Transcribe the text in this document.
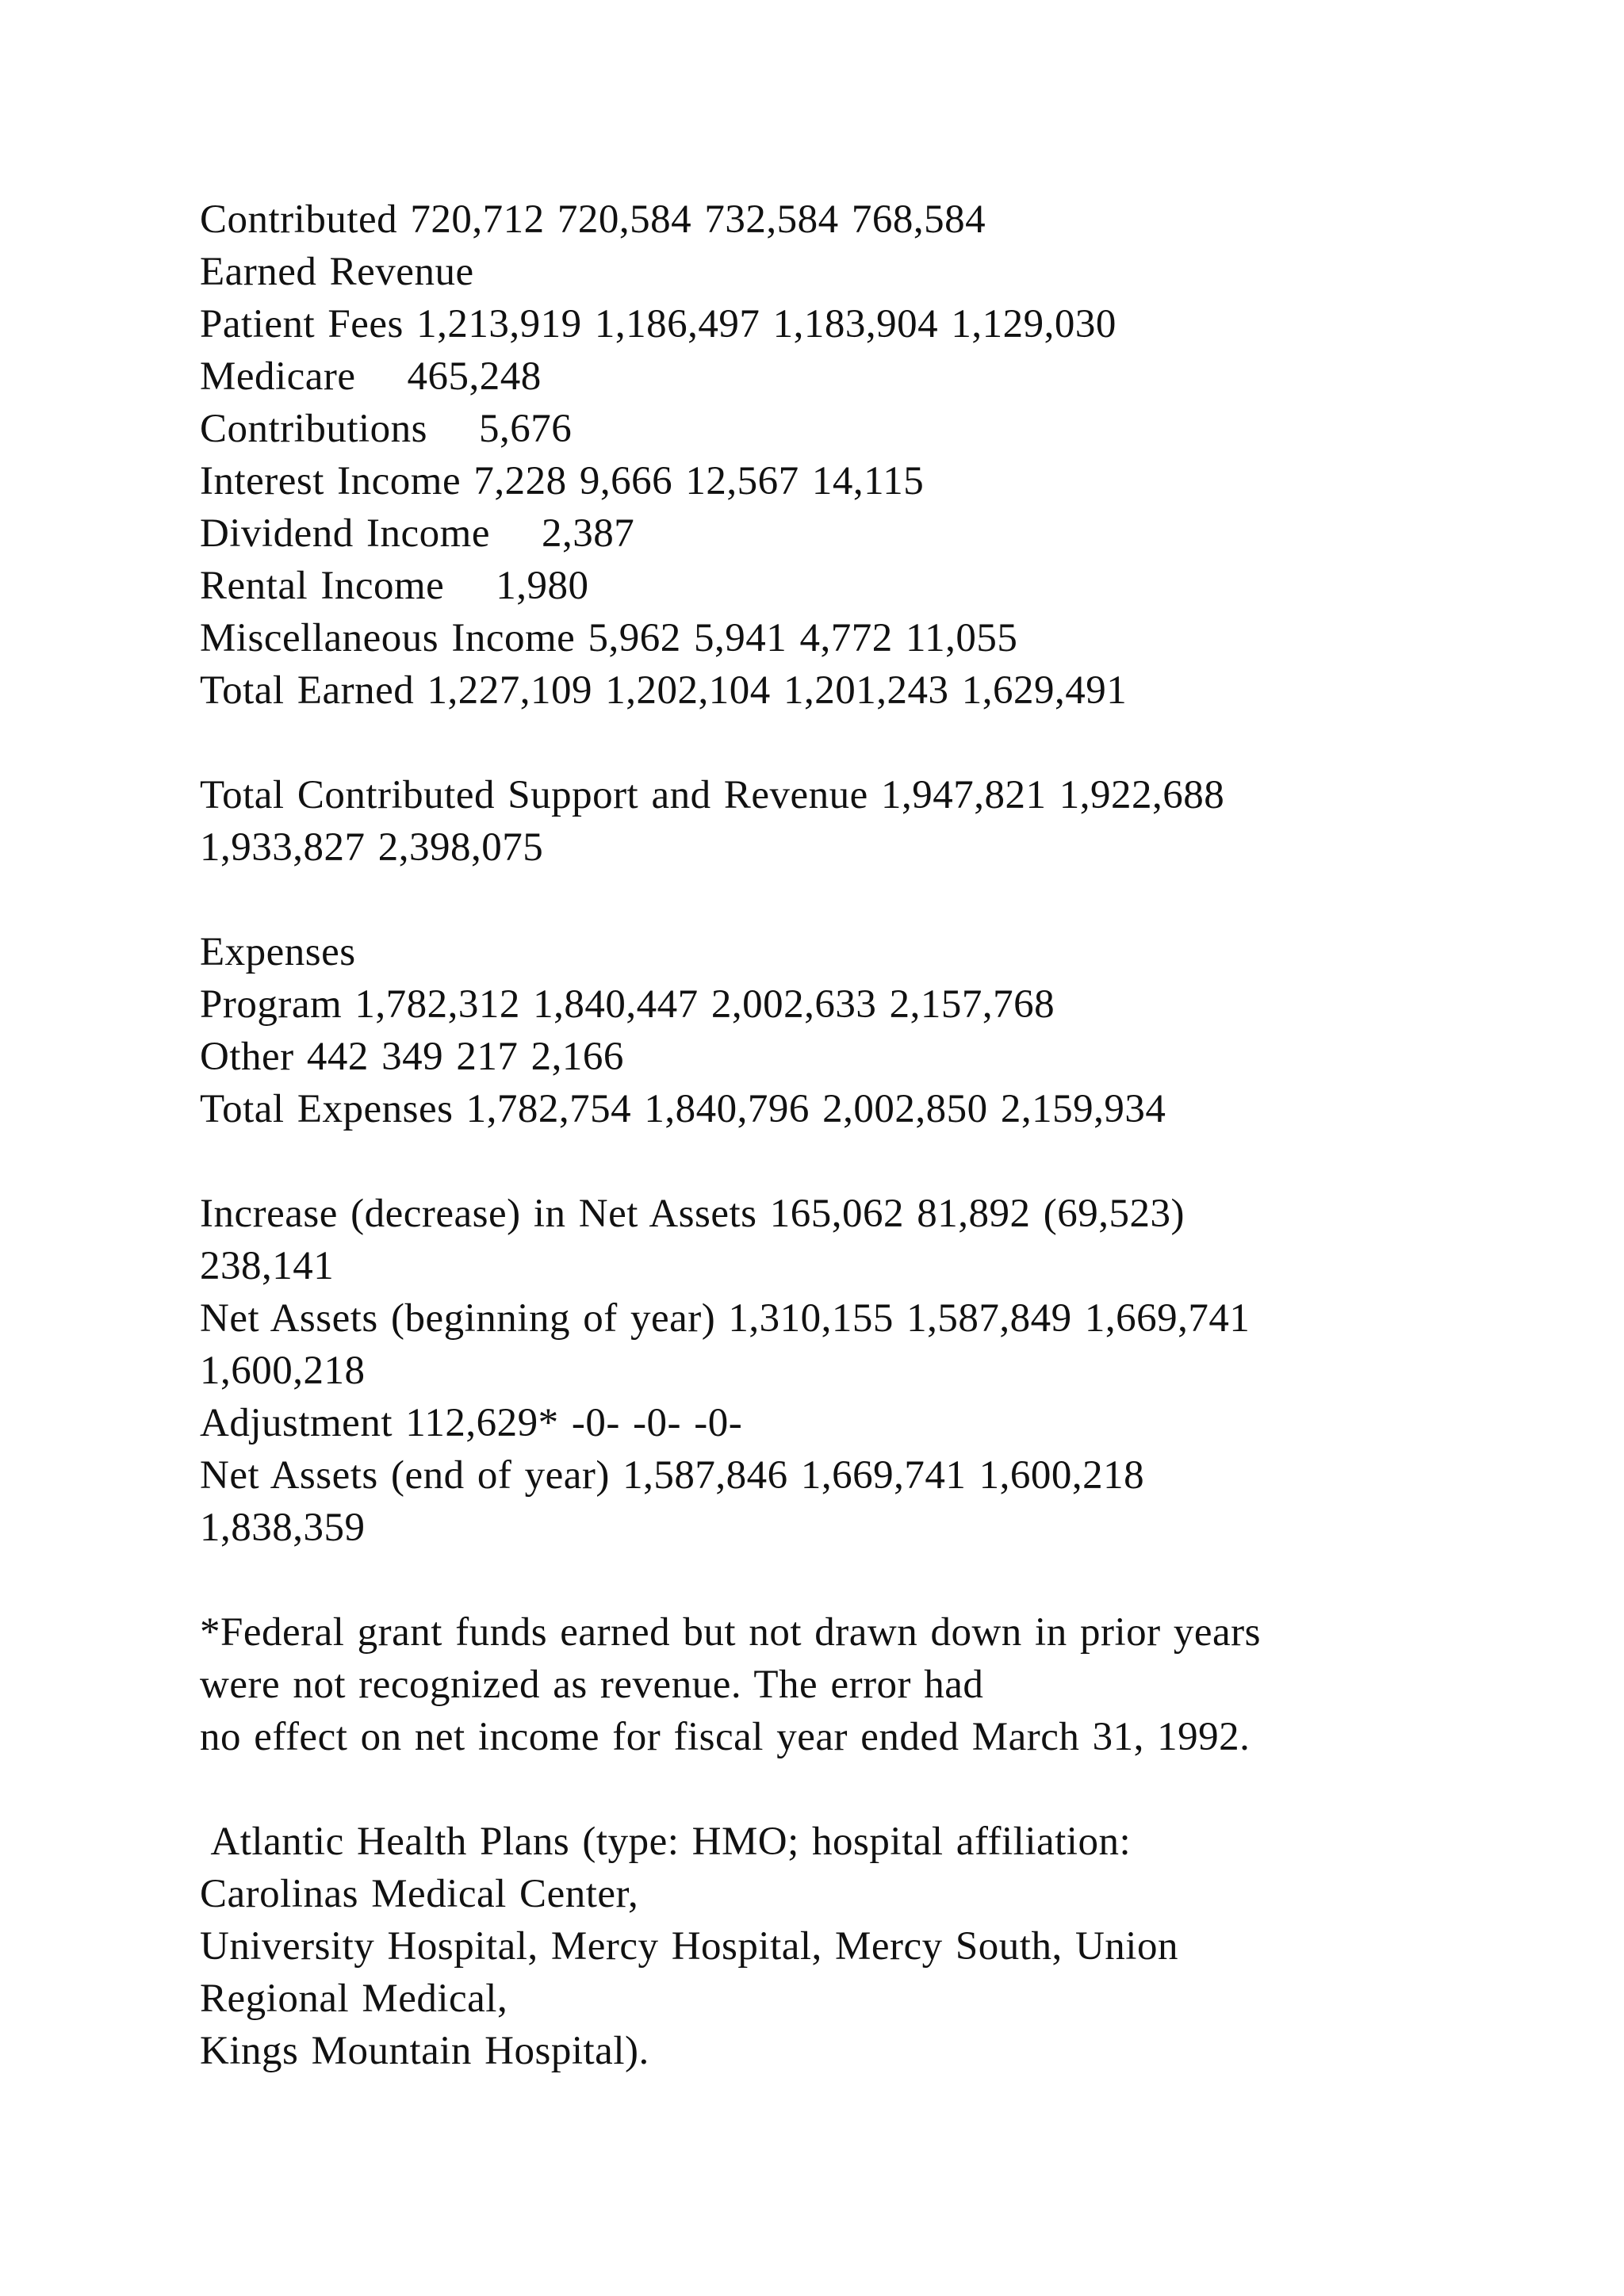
Contributed 720,712 720,584 732,584 768,584
Earned Revenue
Patient Fees 1,213,919 1,186,497 1,183,904 1,129,030
Medicare    465,248
Contributions    5,676
Interest Income 7,228 9,666 12,567 14,115
Dividend Income    2,387
Rental Income    1,980
Miscellaneous Income 5,962 5,941 4,772 11,055
Total Earned 1,227,109 1,202,104 1,201,243 1,629,491
Total Contributed Support and Revenue 1,947,821 1,922,688
1,933,827 2,398,075
Expenses
Program 1,782,312 1,840,447 2,002,633 2,157,768
Other 442 349 217 2,166
Total Expenses 1,782,754 1,840,796 2,002,850 2,159,934
Increase (decrease) in Net Assets 165,062 81,892 (69,523)
238,141
Net Assets (beginning of year) 1,310,155 1,587,849 1,669,741
1,600,218
Adjustment 112,629* -0- -0- -0-
Net Assets (end of year) 1,587,846 1,669,741 1,600,218
1,838,359
*Federal grant funds earned but not drawn down in prior years
were not recognized as revenue. The error had
no effect on net income for fiscal year ended March 31, 1992.
Atlantic Health Plans (type: HMO; hospital affiliation:
Carolinas Medical Center,
University Hospital, Mercy Hospital, Mercy South, Union
Regional Medical,
Kings Mountain Hospital).
